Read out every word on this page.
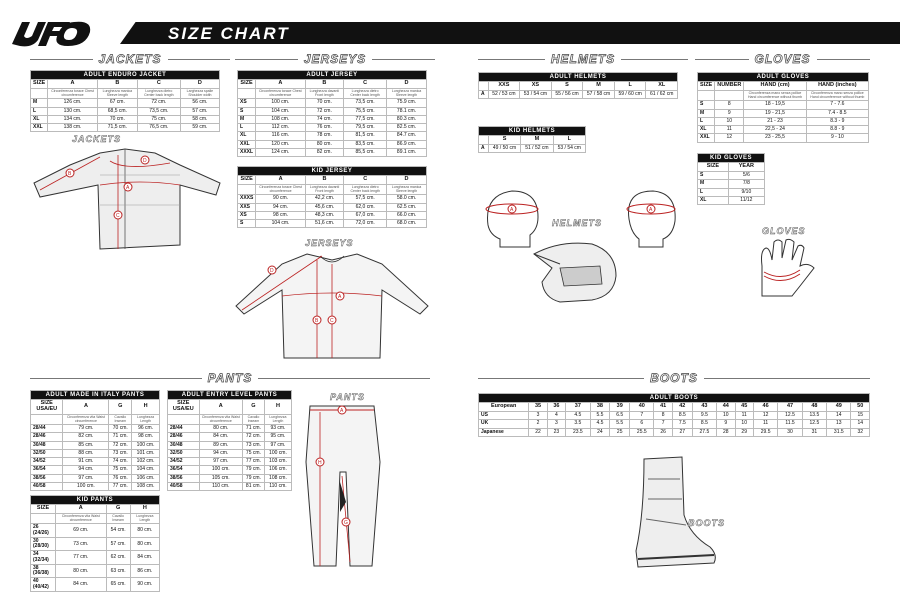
SIZE CHART
JACKETS	JERSEYS	HELMETS	GLOVES
PANTS	BOOTS
ADULT ENDURO JACKET				
SIZE	A	B	C	D
	Circonferenza torace Chest circumference	Lunghezza manica Sleeve length	Lunghezza dietro Center back length	Larghezza spalle Shoulder width
M	126 cm.	67 cm.	72 cm.	56 cm.
L	130 cm.	68,5 cm.	73,5 cm.	57 cm.
XL	134 cm.	70 cm.	75 cm.	58 cm.
XXL	138 cm.	71,5 cm.	76,5 cm.	59 cm.
ADULT JERSEY				
SIZE	A	B	C	D
	Circonferenza torace Chest circumference	Lunghezza davanti Front length	Lunghezza dietro Center back length	Lunghezza manica Sleeve length
XS	100 cm.	70 cm.	73,5 cm.	75.9 cm.
S	104 cm.	72 cm.	75,5 cm.	78.1 cm.
M	108 cm.	74 cm.	77,5 cm.	80.3 cm.
L	112 cm.	76 cm.	79,5 cm.	82.5 cm.
XL	116 cm.	78 cm.	81,5 cm.	84.7 cm.
XXL	120 cm.	80 cm.	83,5 cm.	86.9 cm.
XXXL	124 cm.	82 cm.	85,5 cm.	89.1 cm.
KID JERSEY				
SIZE	A	B	C	D
	Circonferenza torace Chest circumference	Lunghezza davanti Front length	Lunghezza dietro Center back length	Lunghezza manica Sleeve length
XXXS	90 cm.	42,2 cm.	57,5 cm.	58.0 cm.
XXS	94 cm.	45,6 cm.	62,0 cm.	62.5 cm.
XS	98 cm.	48,3 cm.	67,0 cm.	66.0 cm.
S	104 cm.	51,6 cm.	72,0 cm.	68.0 cm.
ADULT HELMETS						
	XXS	XS	S	M	L	XL
A	52 / 53 cm	53 / 54 cm	55 / 56 cm	57 / 58 cm	59 / 60 cm	61 / 62 cm
KID HELMETS			
	S	M	L
A	49 / 50 cm	51 / 52 cm	53 / 54 cm
ADULT GLOVES			
SIZE	NUMBER	HAND (cm)	HAND (inches)
		Circonferenza mano senza pollice Hand circumference without thumb	Circonferenza mano senza pollice Hand circumference without thumb
S	8	18 - 19,5	7 - 7.6
M	9	19 - 21,5	7.4 - 8.5
L	10	21 - 23	8.3 - 9
XL	11	22,5 - 24	8.8 - 9
XXL	12	23 - 25,5	9 - 10
KID GLOVES	
SIZE	YEAR
S	5/6
M	7/8
L	9/10
XL	11/12
ADULT MADE IN ITALY PANTS			
SIZE USA/EU	A	G	H
	Circonferenza vita Waist circumference	Cavallo Inseam	Lunghezza Length
28/44	79 cm.	70 cm.	96 cm.
28/46	82 cm.	71 cm.	98 cm.
30/48	85 cm.	72 cm.	100 cm.
32/50	88 cm.	73 cm.	101 cm.
34/52	91 cm.	74 cm.	102 cm.
36/54	94 cm.	75 cm.	104 cm.
38/56	97 cm.	76 cm.	106 cm.
40/58	100 cm.	77 cm.	108 cm.
ADULT ENTRY LEVEL PANTS			
SIZE USA/EU	A	G	H
	Circonferenza vita Waist circumference	Cavallo Inseam	Lunghezza Length
28/44	80 cm.	71 cm.	93 cm.
28/46	84 cm.	72 cm.	95 cm.
30/48	89 cm.	73 cm.	97 cm.
32/50	94 cm.	75 cm.	100 cm.
34/52	97 cm.	77 cm.	103 cm.
36/54	100 cm.	79 cm.	106 cm.
38/56	105 cm.	79 cm.	108 cm.
40/58	110 cm.	81 cm.	110 cm.
KID PANTS			
SIZE	A	G	H
	Circonferenza vita Waist circumference	Cavallo Inseam	Lunghezza Length
26 (24/26)	69 cm.	54 cm.	80 cm.
30 (28/30)	73 cm.	57 cm.	80 cm.
34 (32/34)	77 cm.	62 cm.	84 cm.
38 (36/38)	80 cm.	63 cm.	86 cm.
40 (40/42)	84 cm.	65 cm.	90 cm.
ADULT BOOTS																
European	35	36	37	38	39	40	41	42	43	44	45	46	47	48	49	50
US	3	4	4.5	5.5	6.5	7	8	8.5	9.5	10	11	12	12.5	13.5	14	15
UK	2	3	3.5	4.5	5.5	6	7	7.5	8.5	9	10	11	11.5	12.5	13	14
Japanese	22	23	23.5	24	25	25.5	26	27	27.5	28	29	29.5	30	31	31.5	32
JACKETS
B
D
A
C
JERSEYS
D
A
B C
A	A
HELMETS
GLOVES
PANTS
A
H
G	BOOTS
